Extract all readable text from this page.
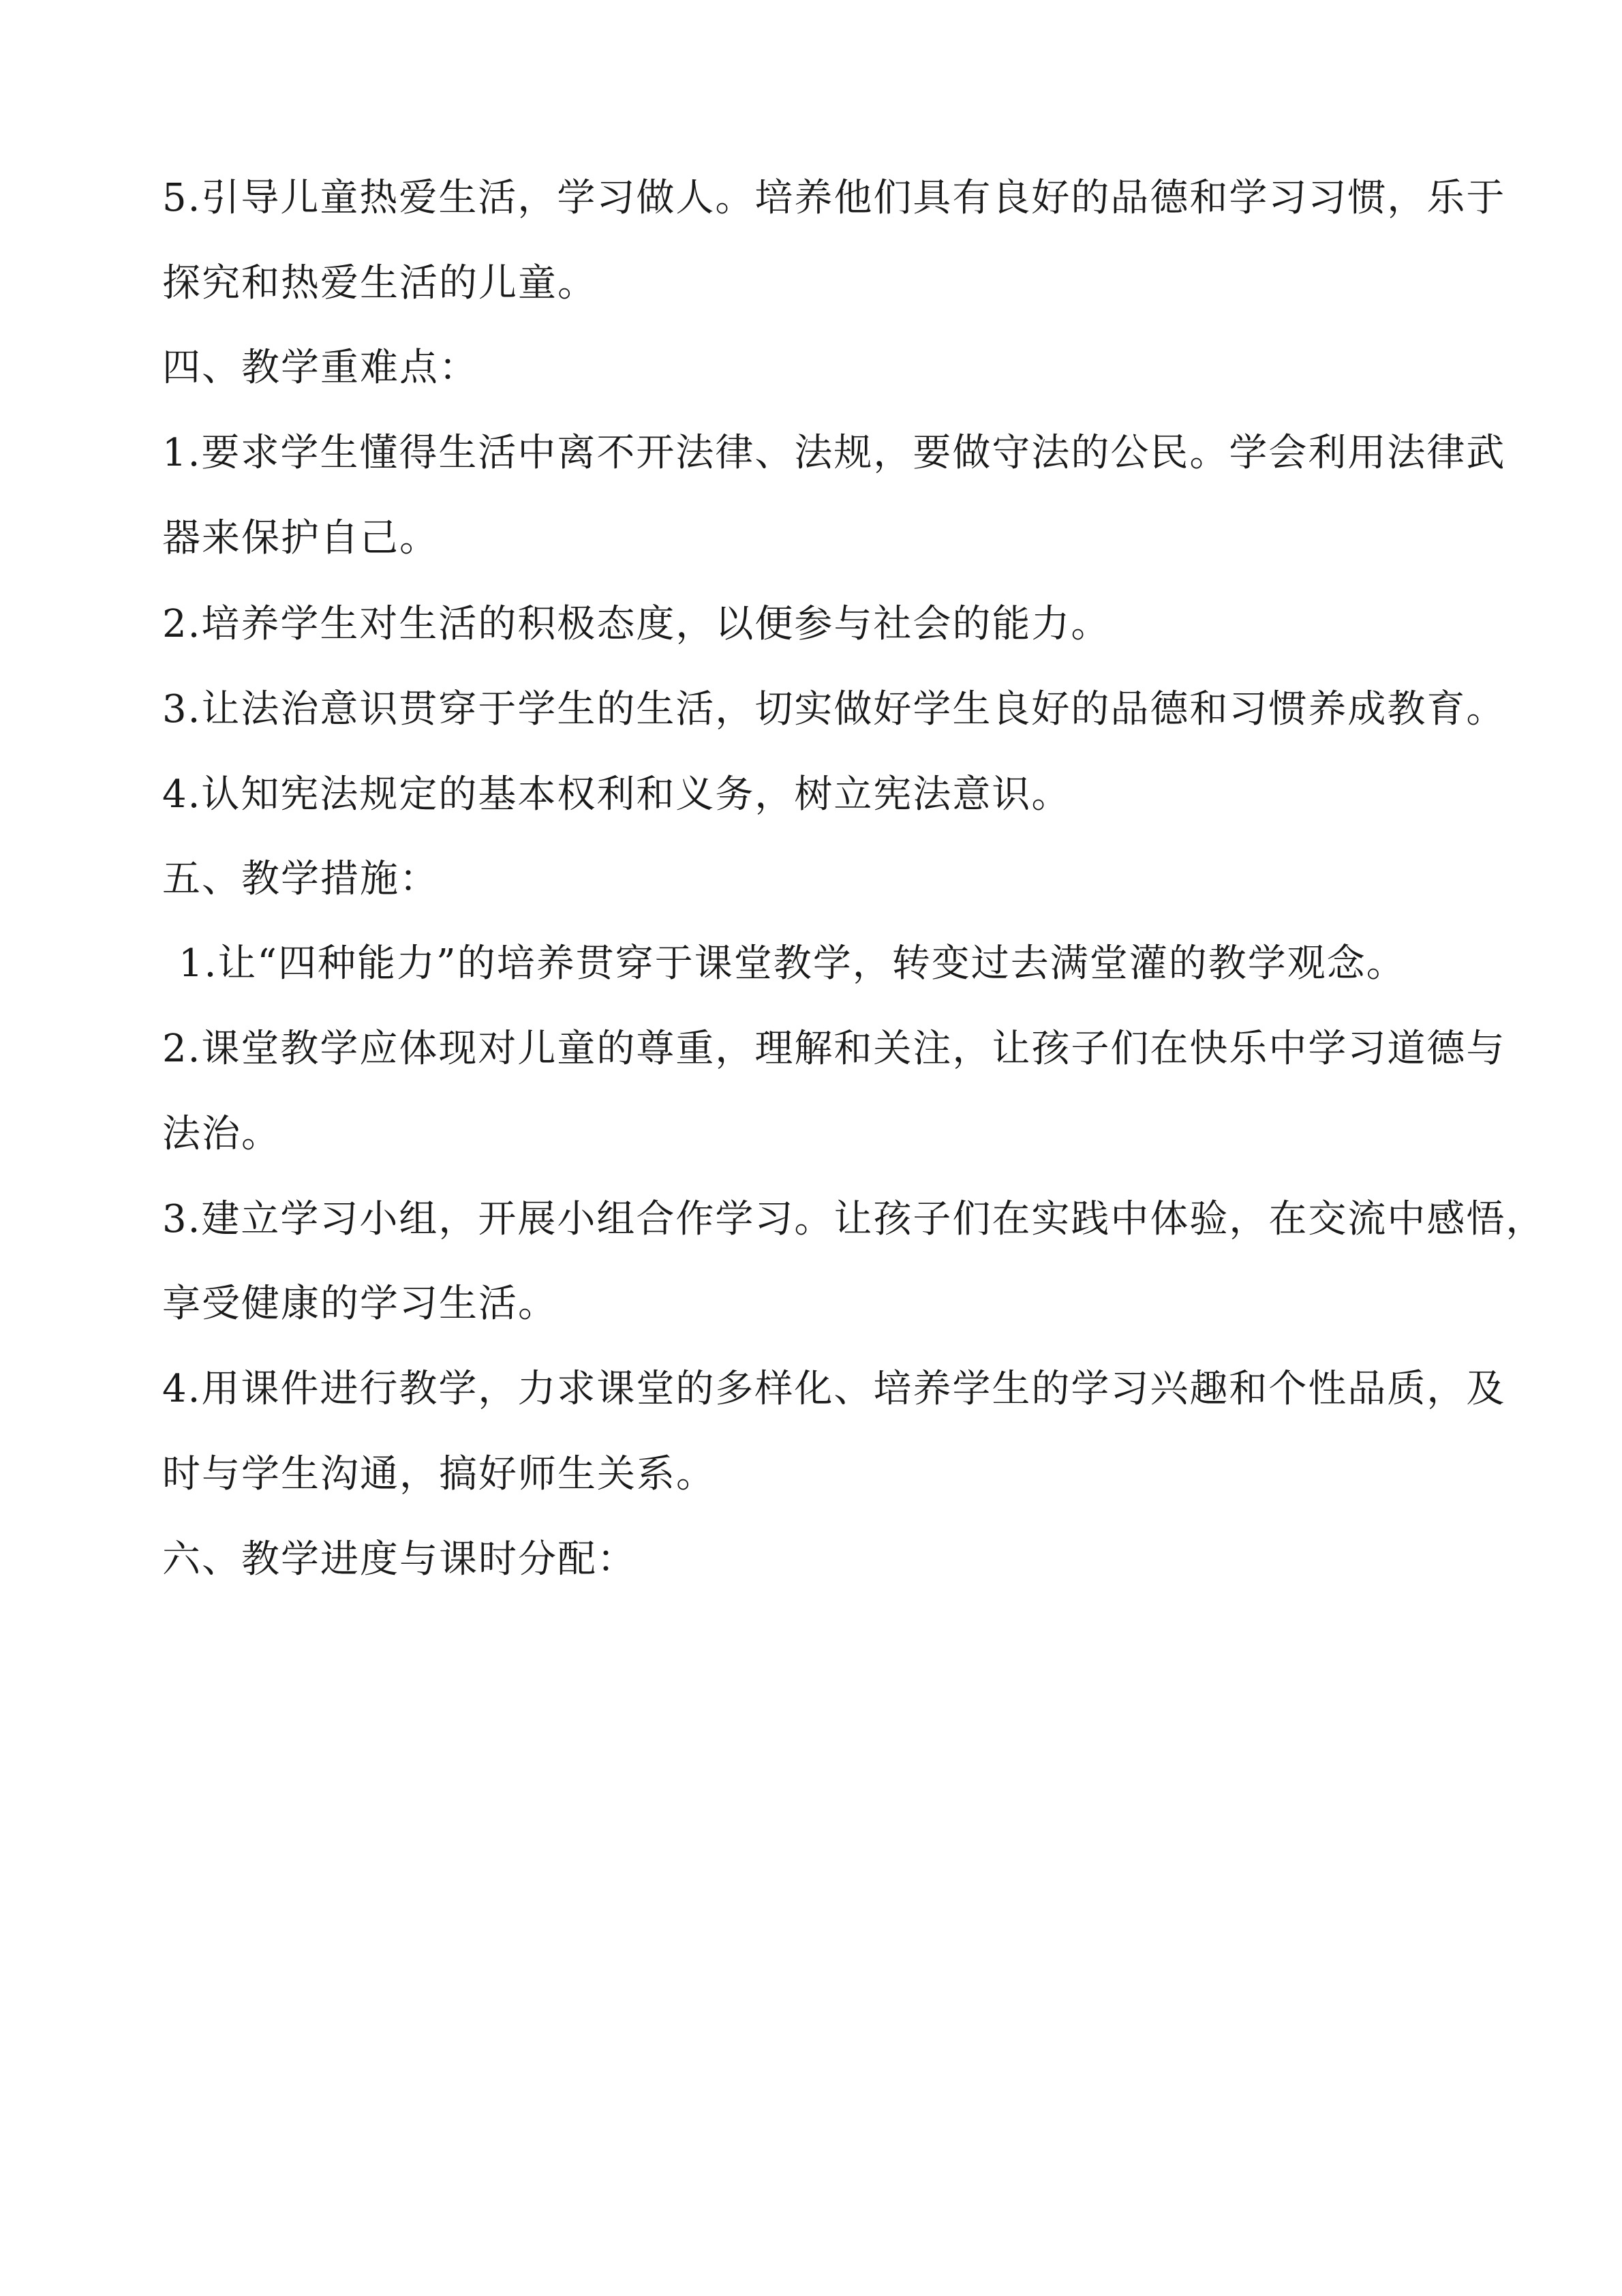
5.引导儿童热爱生活，学习做人。培养他们具有良好的品德和学习习惯，乐于
探究和热爱生活的儿童。
四、教学重难点：
1.要求学生懂得生活中离不开法律、法规，要做守法的公民。学会利用法律武
器来保护自己。
2.培养学生对生活的积极态度，以便参与社会的能力。
3.让法治意识贯穿于学生的生活，切实做好学生良好的品德和习惯养成教育。
4.认知宪法规定的基本权利和义务，树立宪法意识。
五、教学措施：
1.让“四种能力”的培养贯穿于课堂教学，转变过去满堂灌的教学观念。
2.课堂教学应体现对儿童的尊重，理解和关注，让孩子们在快乐中学习道德与
法治。
3.建立学习小组，开展小组合作学习。让孩子们在实践中体验，在交流中感悟，
享受健康的学习生活。
4.用课件进行教学，力求课堂的多样化、培养学生的学习兴趣和个性品质，及
时与学生沟通，搞好师生关系。
六、教学进度与课时分配：
